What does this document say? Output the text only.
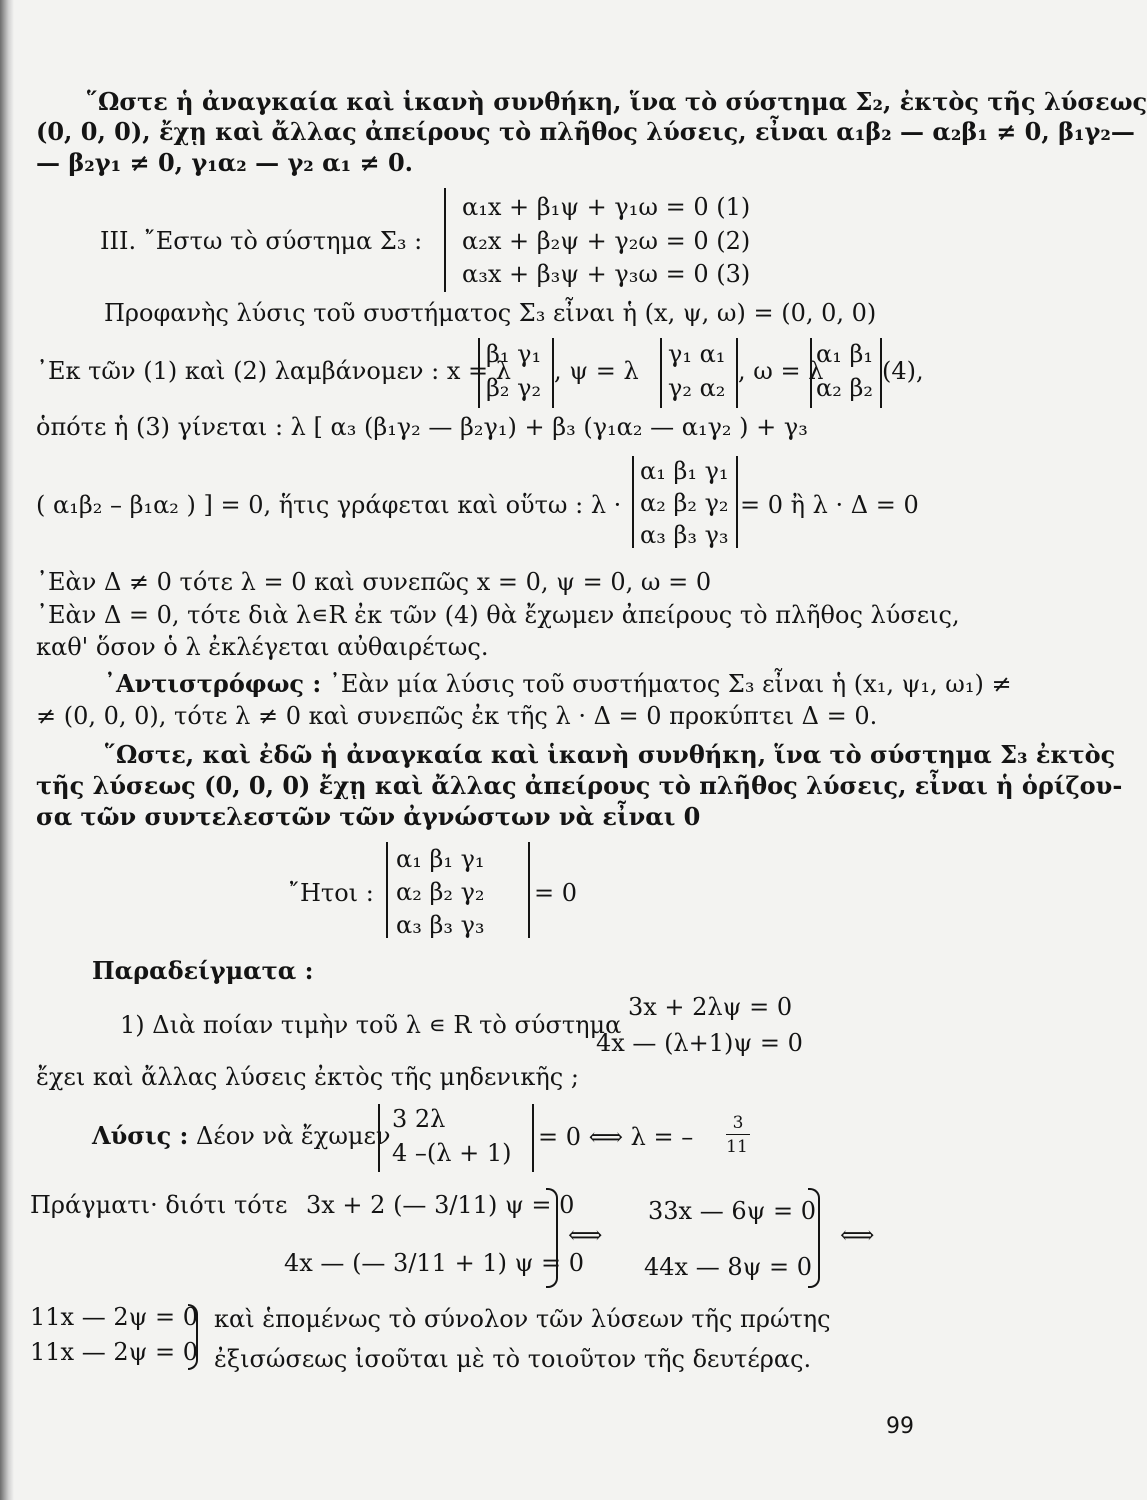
῞Ωστε ἡ ἀναγκαία καὶ ἱκανὴ συνθήκη, ἵνα τὸ σύστημα Σ₂, ἐκτὸς τῆς λύσεως
(0, 0, 0), ἔχῃ καὶ ἄλλας ἀπείρους τὸ πλῆθος λύσεις, εἶναι α₁β₂ — α₂β₁ ≠ 0, β₁γ₂—
— β₂γ₁ ≠ 0, γ₁α₂ — γ₂ α₁ ≠ 0.
III. ῎Εστω τὸ σύστημα Σ₃ :
α₁x + β₁ψ + γ₁ω = 0 (1)
α₂x + β₂ψ + γ₂ω = 0 (2)
α₃x + β₃ψ + γ₃ω = 0 (3)
Προφανὴς λύσις τοῦ συστήματος Σ₃ εἶναι ἡ (x, ψ, ω) = (0, 0, 0)
᾿Εκ τῶν (1) καὶ (2) λαμβάνομεν : x = λ
β₁ γ₁
β₂ γ₂
, ψ = λ
γ₁ α₁
γ₂ α₂
, ω = λ
α₁ β₁
α₂ β₂
(4),
ὁπότε ἡ (3) γίνεται : λ [ α₃ (β₁γ₂ — β₂γ₁) + β₃ (γ₁α₂ — α₁γ₂ ) + γ₃
( α₁β₂ – β₁α₂ ) ] = 0, ἥτις γράφεται καὶ οὕτω : λ ·
α₁ β₁ γ₁
α₂ β₂ γ₂
α₃ β₃ γ₃
= 0 ἢ λ · Δ = 0
᾿Εὰν Δ ≠ 0 τότε λ = 0 καὶ συνεπῶς x = 0, ψ = 0, ω = 0
᾿Εὰν Δ = 0, τότε διὰ λ∊R ἐκ τῶν (4) θὰ ἔχωμεν ἀπείρους τὸ πλῆθος λύσεις,
καθ' ὅσον ὁ λ ἐκλέγεται αὐθαιρέτως.
᾿Αντιστρόφως : ᾿Εὰν μία λύσις τοῦ συστήματος Σ₃ εἶναι ἡ (x₁, ψ₁, ω₁) ≠
≠ (0, 0, 0), τότε λ ≠ 0 καὶ συνεπῶς ἐκ τῆς λ · Δ = 0 προκύπτει Δ = 0.
῞Ωστε, καὶ ἐδῶ ἡ ἀναγκαία καὶ ἱκανὴ συνθήκη, ἵνα τὸ σύστημα Σ₃ ἐκτὸς
τῆς λύσεως (0, 0, 0) ἔχῃ καὶ ἄλλας ἀπείρους τὸ πλῆθος λύσεις, εἶναι ἡ ὁρίζου-
σα τῶν συντελεστῶν τῶν ἀγνώστων νὰ εἶναι 0
῎Ητοι :
α₁ β₁ γ₁
α₂ β₂ γ₂
α₃ β₃ γ₃
= 0
Παραδείγματα :
1) Διὰ ποίαν τιμὴν τοῦ λ ∊ R τὸ σύστημα
3x + 2λψ = 0
4x — (λ+1)ψ = 0
ἔχει καὶ ἄλλας λύσεις ἐκτὸς τῆς μηδενικῆς ;
Λύσις : Δέον νὰ ἔχωμεν
3 2λ
4 –(λ + 1)
= 0 ⟺ λ = –	3
11
Πράγματι· διότι τότε 3x + 2 (— 3/11) ψ = 0
4x — (— 3/11 + 1) ψ = 0
⟺
33x — 6ψ = 0
44x — 8ψ = 0
⟺
11x — 2ψ = 0
11x — 2ψ = 0
καὶ ἑπομένως τὸ σύνολον τῶν λύσεων τῆς πρώτης
ἐξισώσεως ἰσοῦται μὲ τὸ τοιοῦτον τῆς δευτέρας.
99
